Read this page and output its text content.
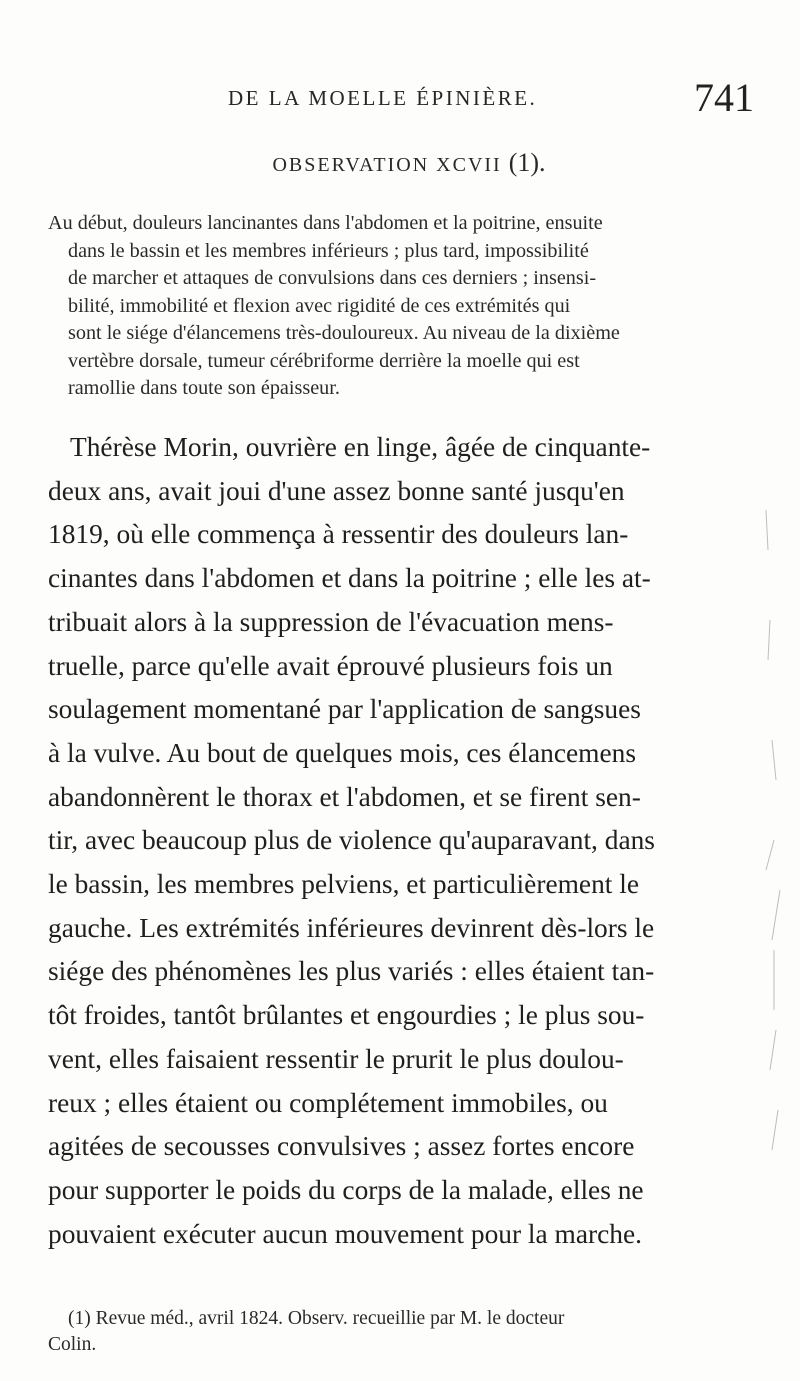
DE LA MOELLE ÉPINIÈRE.	741
OBSERVATION XCVII (1).
Au début, douleurs lancinantes dans l'abdomen et la poitrine, ensuite
dans le bassin et les membres inférieurs ; plus tard, impossibilité
de marcher et attaques de convulsions dans ces derniers ; insensi-
bilité, immobilité et flexion avec rigidité de ces extrémités qui
sont le siége d'élancemens très-douloureux. Au niveau de la dixième
vertèbre dorsale, tumeur cérébriforme derrière la moelle qui est
ramollie dans toute son épaisseur.
Thérèse Morin, ouvrière en linge, âgée de cinquante-
deux ans, avait joui d'une assez bonne santé jusqu'en
1819, où elle commença à ressentir des douleurs lan-
cinantes dans l'abdomen et dans la poitrine ; elle les at-
tribuait alors à la suppression de l'évacuation mens-
truelle, parce qu'elle avait éprouvé plusieurs fois un
soulagement momentané par l'application de sangsues
à la vulve. Au bout de quelques mois, ces élancemens
abandonnèrent le thorax et l'abdomen, et se firent sen-
tir, avec beaucoup plus de violence qu'auparavant, dans
le bassin, les membres pelviens, et particulièrement le
gauche. Les extrémités inférieures devinrent dès-lors le
siége des phénomènes les plus variés : elles étaient tan-
tôt froides, tantôt brûlantes et engourdies ; le plus sou-
vent, elles faisaient ressentir le prurit le plus doulou-
reux ; elles étaient ou complétement immobiles, ou
agitées de secousses convulsives ; assez fortes encore
pour supporter le poids du corps de la malade, elles ne
pouvaient exécuter aucun mouvement pour la marche.
(1) Revue méd., avril 1824. Observ. recueillie par M. le docteur
Colin.
